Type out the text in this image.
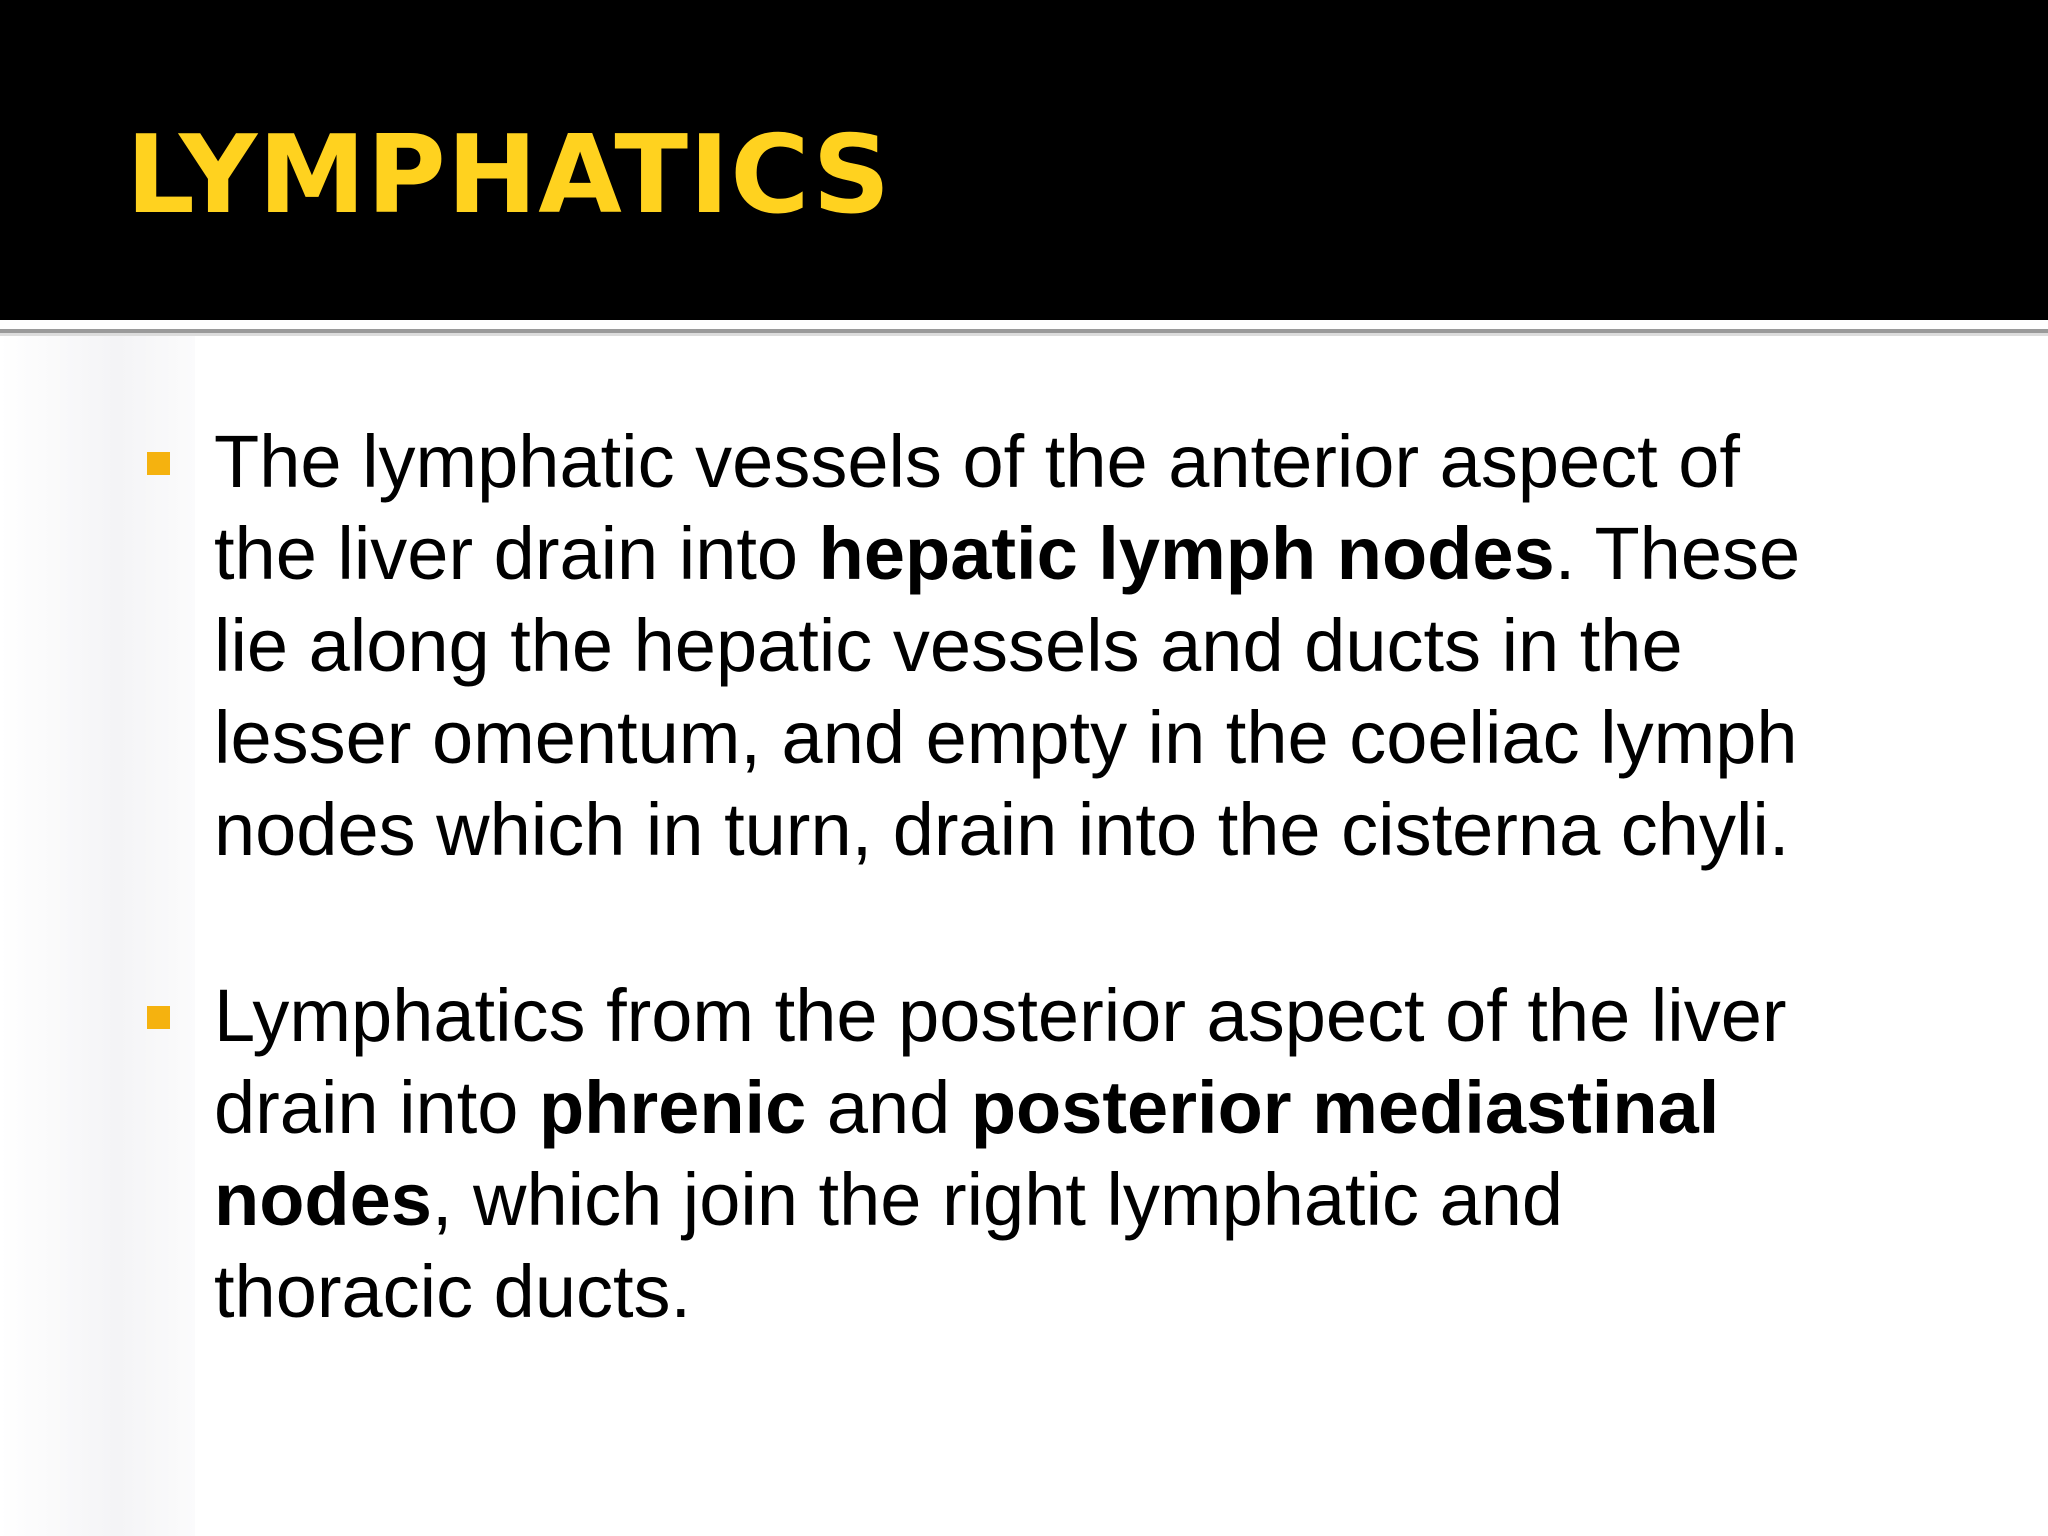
LYMPHATICS
The lymphatic vessels of the anterior aspect of
the liver drain into hepatic lymph nodes. These
lie along the hepatic vessels and ducts in the
lesser omentum, and empty in the coeliac lymph
nodes which in turn, drain into the cisterna chyli.
Lymphatics from the posterior aspect of the liver
drain into phrenic and posterior mediastinal
nodes, which join the right lymphatic and
thoracic ducts.
